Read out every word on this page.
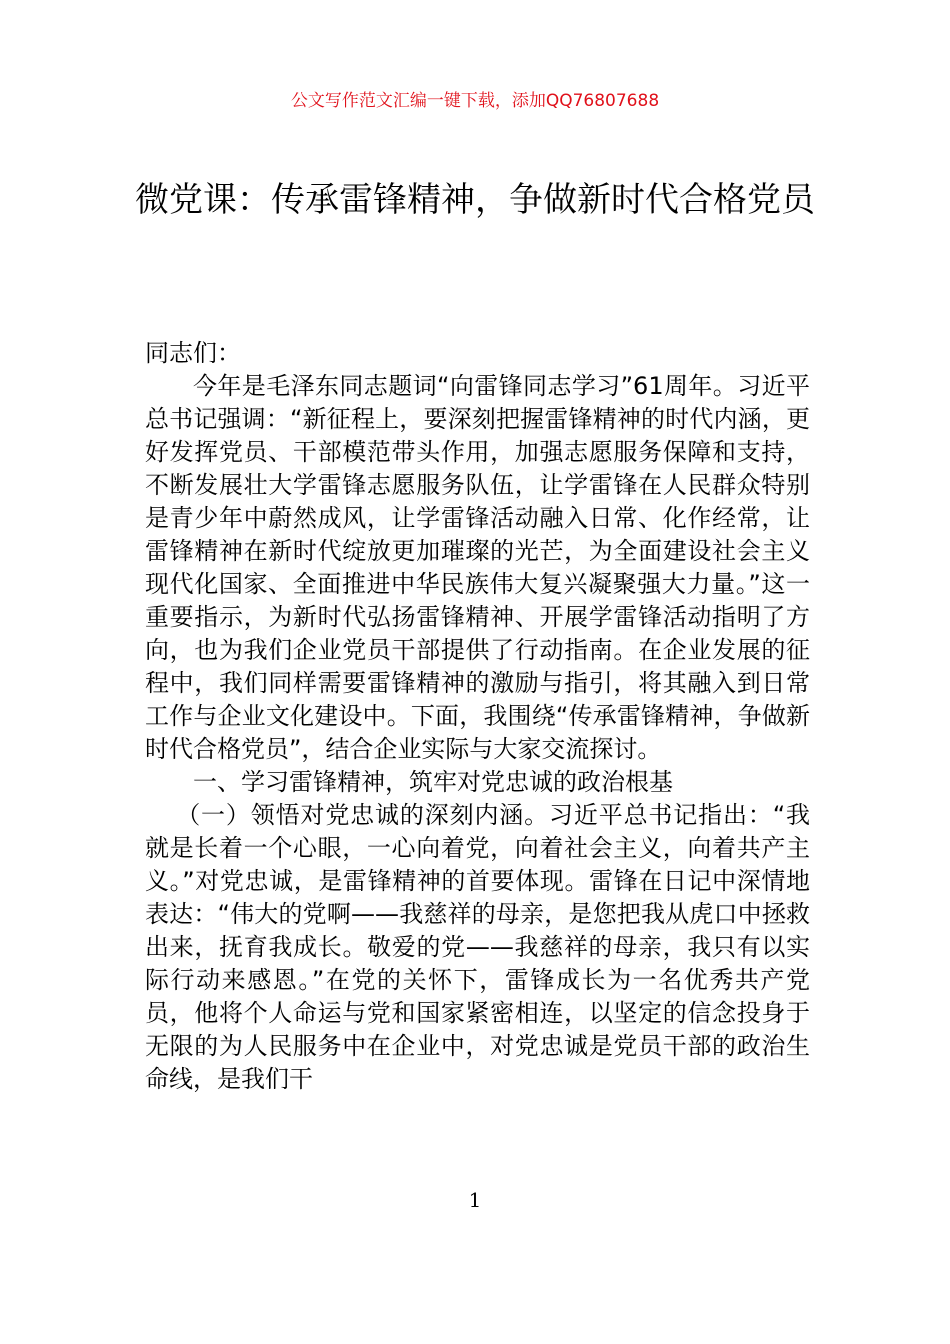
公文写作范文汇编一键下载，添加QQ76807688
微党课：传承雷锋精神，争做新时代合格党员

同志们：

今年是毛泽东同志题词“向雷锋同志学习”61周年。习近平总书记强调：“新征程上，要深刻把握雷锋精神的时代内涵，更好发挥党员、干部模范带头作用，加强志愿服务保障和支持，不断发展壮大学雷锋志愿服务队伍，让学雷锋在人民群众特别是青少年中蔚然成风，让学雷锋活动融入日常、化作经常，让雷锋精神在新时代绽放更加璀璨的光芒，为全面建设社会主义现代化国家、全面推进中华民族伟大复兴凝聚强大力量。”这一重要指示，为新时代弘扬雷锋精神、开展学雷锋活动指明了方向，也为我们企业党员干部提供了行动指南。在企业发展的征程中，我们同样需要雷锋精神的激励与指引，将其融入到日常工作与企业文化建设中。下面，我围绕“传承雷锋精神，争做新时代合格党员”，结合企业实际与大家交流探讨。

一、学习雷锋精神，筑牢对党忠诚的政治根基

（一）领悟对党忠诚的深刻内涵。习近平总书记指出：“我就是长着一个心眼，一心向着党，向着社会主义，向着共产主义。”对党忠诚，是雷锋精神的首要体现。雷锋在日记中深情地表达：“伟大的党啊——我慈祥的母亲，是您把我从虎口中拯救出来，抚育我成长。敬爱的党——我慈祥的母亲，我只有以实际行动来感恩。”在党的关怀下，雷锋成长为一名优秀共产党员，他将个人命运与党和国家紧密相连，以坚定的信念投身于无限的为人民服务中在企业中，对党忠诚是党员干部的政治生命线，是我们干

1
